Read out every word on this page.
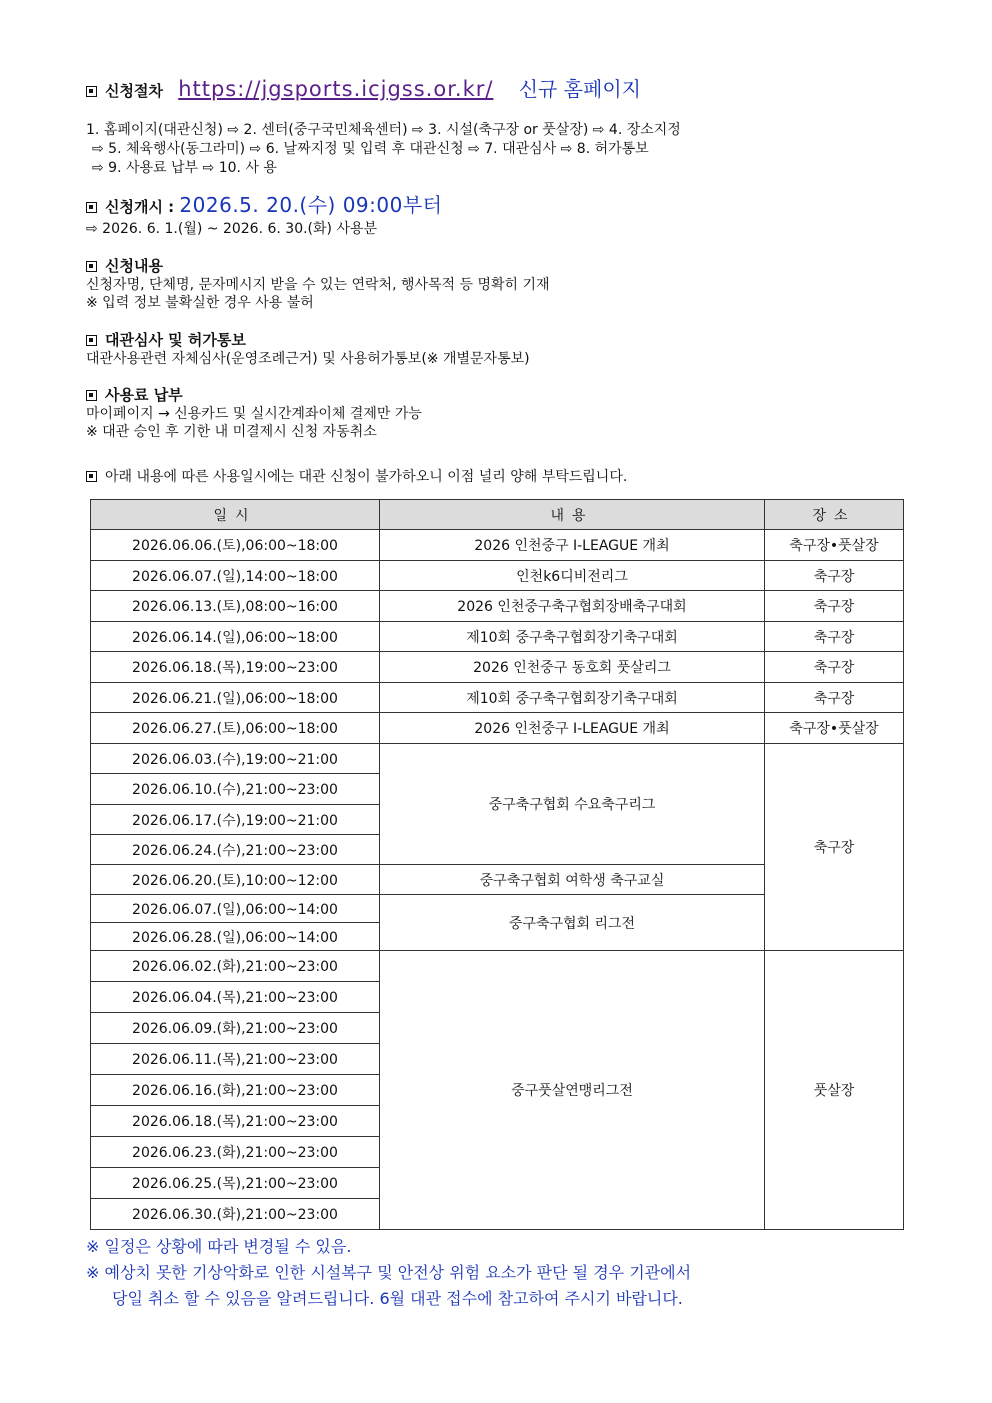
신청절차 https://jgsports.icjgss.or.kr/ 신규 홈페이지
1. 홈페이지(대관신청) ⇨ 2. 센터(중구국민체육센터) ⇨ 3. 시설(축구장 or 풋살장) ⇨ 4. 장소지정
⇨ 5. 체육행사(동그라미) ⇨ 6. 날짜지정 및 입력 후 대관신청 ⇨ 7. 대관심사 ⇨ 8. 허가통보
⇨ 9. 사용료 납부 ⇨ 10. 사 용
신청개시 : 2026.5. 20.(수) 09:00부터
⇨ 2026. 6. 1.(월) ~ 2026. 6. 30.(화) 사용분
신청내용
신청자명, 단체명, 문자메시지 받을 수 있는 연락처, 행사목적 등 명확히 기재
※ 입력 정보 불확실한 경우 사용 불허
대관심사 및 허가통보
대관사용관련 자체심사(운영조례근거) 및 사용허가통보(※ 개별문자통보)
사용료 납부
마이페이지 → 신용카드 및 실시간계좌이체 결제만 가능
※ 대관 승인 후 기한 내 미결제시 신청 자동취소
아래 내용에 따른 사용일시에는 대관 신청이 불가하오니 이점 널리 양해 부탁드립니다.
일시	내용	장소
2026.06.06.(토),06:00~18:00	2026 인천중구 I-LEAGUE 개최	축구장•풋살장
2026.06.07.(일),14:00~18:00	인천k6디비전리그	축구장
2026.06.13.(토),08:00~16:00	2026 인천중구축구협회장배축구대회	축구장
2026.06.14.(일),06:00~18:00	제10회 중구축구협회장기축구대회	축구장
2026.06.18.(목),19:00~23:00	2026 인천중구 동호회 풋살리그	축구장
2026.06.21.(일),06:00~18:00	제10회 중구축구협회장기축구대회	축구장
2026.06.27.(토),06:00~18:00	2026 인천중구 I-LEAGUE 개최	축구장•풋살장
2026.06.03.(수),19:00~21:00	중구축구협회 수요축구리그	축구장
2026.06.10.(수),21:00~23:00		
2026.06.17.(수),19:00~21:00		
2026.06.24.(수),21:00~23:00		
2026.06.20.(토),10:00~12:00	중구축구협회 여학생 축구교실	
2026.06.07.(일),06:00~14:00	중구축구협회 리그전	
2026.06.28.(일),06:00~14:00		
2026.06.02.(화),21:00~23:00	중구풋살연맹리그전	풋살장
2026.06.04.(목),21:00~23:00		
2026.06.09.(화),21:00~23:00		
2026.06.11.(목),21:00~23:00		
2026.06.16.(화),21:00~23:00		
2026.06.18.(목),21:00~23:00		
2026.06.23.(화),21:00~23:00		
2026.06.25.(목),21:00~23:00		
2026.06.30.(화),21:00~23:00		
※ 일정은 상황에 따라 변경될 수 있음.
※ 예상치 못한 기상악화로 인한 시설복구 및 안전상 위험 요소가 판단 될 경우 기관에서
당일 취소 할 수 있음을 알려드립니다. 6월 대관 접수에 참고하여 주시기 바랍니다.
